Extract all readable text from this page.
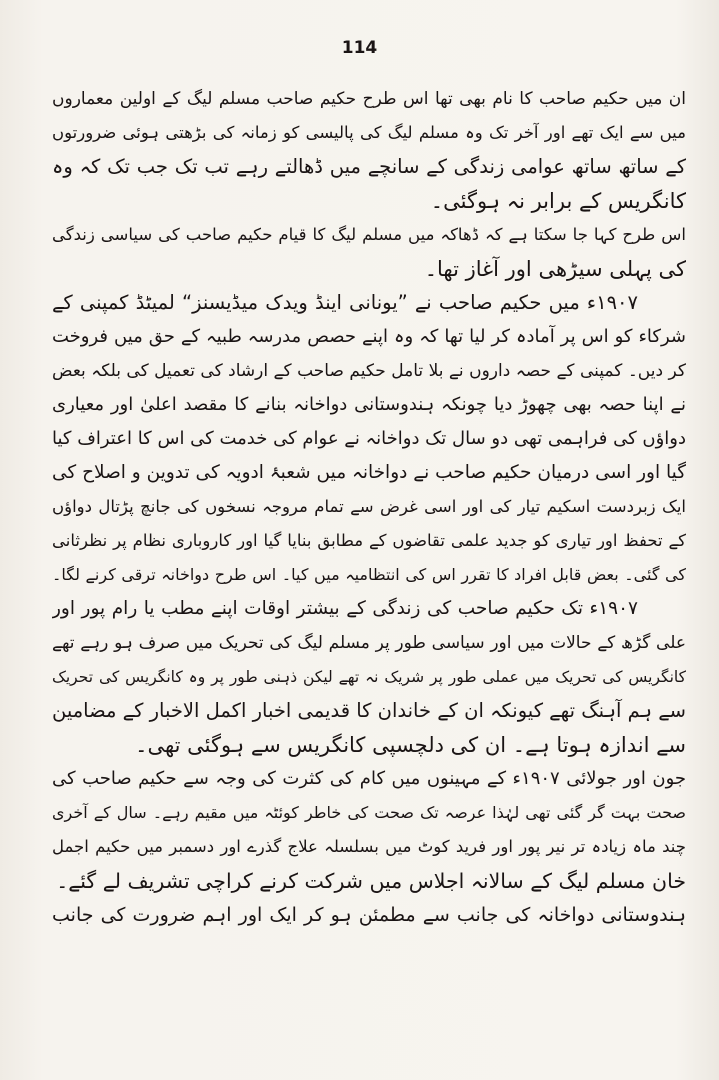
114
ان میں حکیم صاحب کا نام بھی تھا اس طرح حکیم صاحب مسلم لیگ کے اولین معماروں
میں سے ایک تھے اور آخر تک وہ مسلم لیگ کی پالیسی کو زمانہ کی بڑھتی ہوئی ضرورتوں
کے ساتھ ساتھ عوامی زندگی کے سانچے میں ڈھالتے رہے تب تک جب تک کہ وہ
کانگریس کے برابر نہ ہوگئی۔
اس طرح کہا جا سکتا ہے کہ ڈھاکہ میں مسلم لیگ کا قیام حکیم صاحب کی سیاسی زندگی
کی پہلی سیڑھی اور آغاز تھا۔
۱۹۰۷ء میں حکیم صاحب نے ”یونانی اینڈ ویدک میڈیسنز“ لمیٹڈ کمپنی کے
شرکاء کو اس پر آمادہ کر لیا تھا کہ وہ اپنے حصص مدرسہ طبیہ کے حق میں فروخت
کر دیں۔ کمپنی کے حصہ داروں نے بلا تامل حکیم صاحب کے ارشاد کی تعمیل کی بلکہ بعض
نے اپنا حصہ بھی چھوڑ دیا چونکہ ہندوستانی دواخانہ بنانے کا مقصد اعلیٰ اور معیاری
دواؤں کی فراہمی تھی دو سال تک دواخانہ نے عوام کی خدمت کی اس کا اعتراف کیا
گیا اور اسی درمیان حکیم صاحب نے دواخانہ میں شعبۂ ادویہ کی تدوین و اصلاح کی
ایک زبردست اسکیم تیار کی اور اسی غرض سے تمام مروجہ نسخوں کی جانچ پڑتال دواؤں
کے تحفظ اور تیاری کو جدید علمی تقاضوں کے مطابق بنایا گیا اور کاروباری نظام پر نظرثانی
کی گئی۔ بعض قابل افراد کا تقرر اس کی انتظامیہ میں کیا۔ اس طرح دواخانہ ترقی کرنے لگا۔
۱۹۰۷ء تک حکیم صاحب کی زندگی کے بیشتر اوقات اپنے مطب یا رام پور اور
علی گڑھ کے حالات میں اور سیاسی طور پر مسلم لیگ کی تحریک میں صرف ہو رہے تھے
کانگریس کی تحریک میں عملی طور پر شریک نہ تھے لیکن ذہنی طور پر وہ کانگریس کی تحریک
سے ہم آہنگ تھے کیونکہ ان کے خاندان کا قدیمی اخبار اکمل الاخبار کے مضامین
سے اندازہ ہوتا ہے۔ ان کی دلچسپی کانگریس سے ہوگئی تھی۔
جون اور جولائی ۱۹۰۷ء کے مہینوں میں کام کی کثرت کی وجہ سے حکیم صاحب کی
صحت بہت گر گئی تھی لہٰذا عرصہ تک صحت کی خاطر کوئٹہ میں مقیم رہے۔ سال کے آخری
چند ماہ زیادہ تر نیر پور اور فرید کوٹ میں بسلسلہ علاج گذرے اور دسمبر میں حکیم اجمل
خان مسلم لیگ کے سالانہ اجلاس میں شرکت کرنے کراچی تشریف لے گئے۔
ہندوستانی دواخانہ کی جانب سے مطمئن ہو کر ایک اور اہم ضرورت کی جانب
